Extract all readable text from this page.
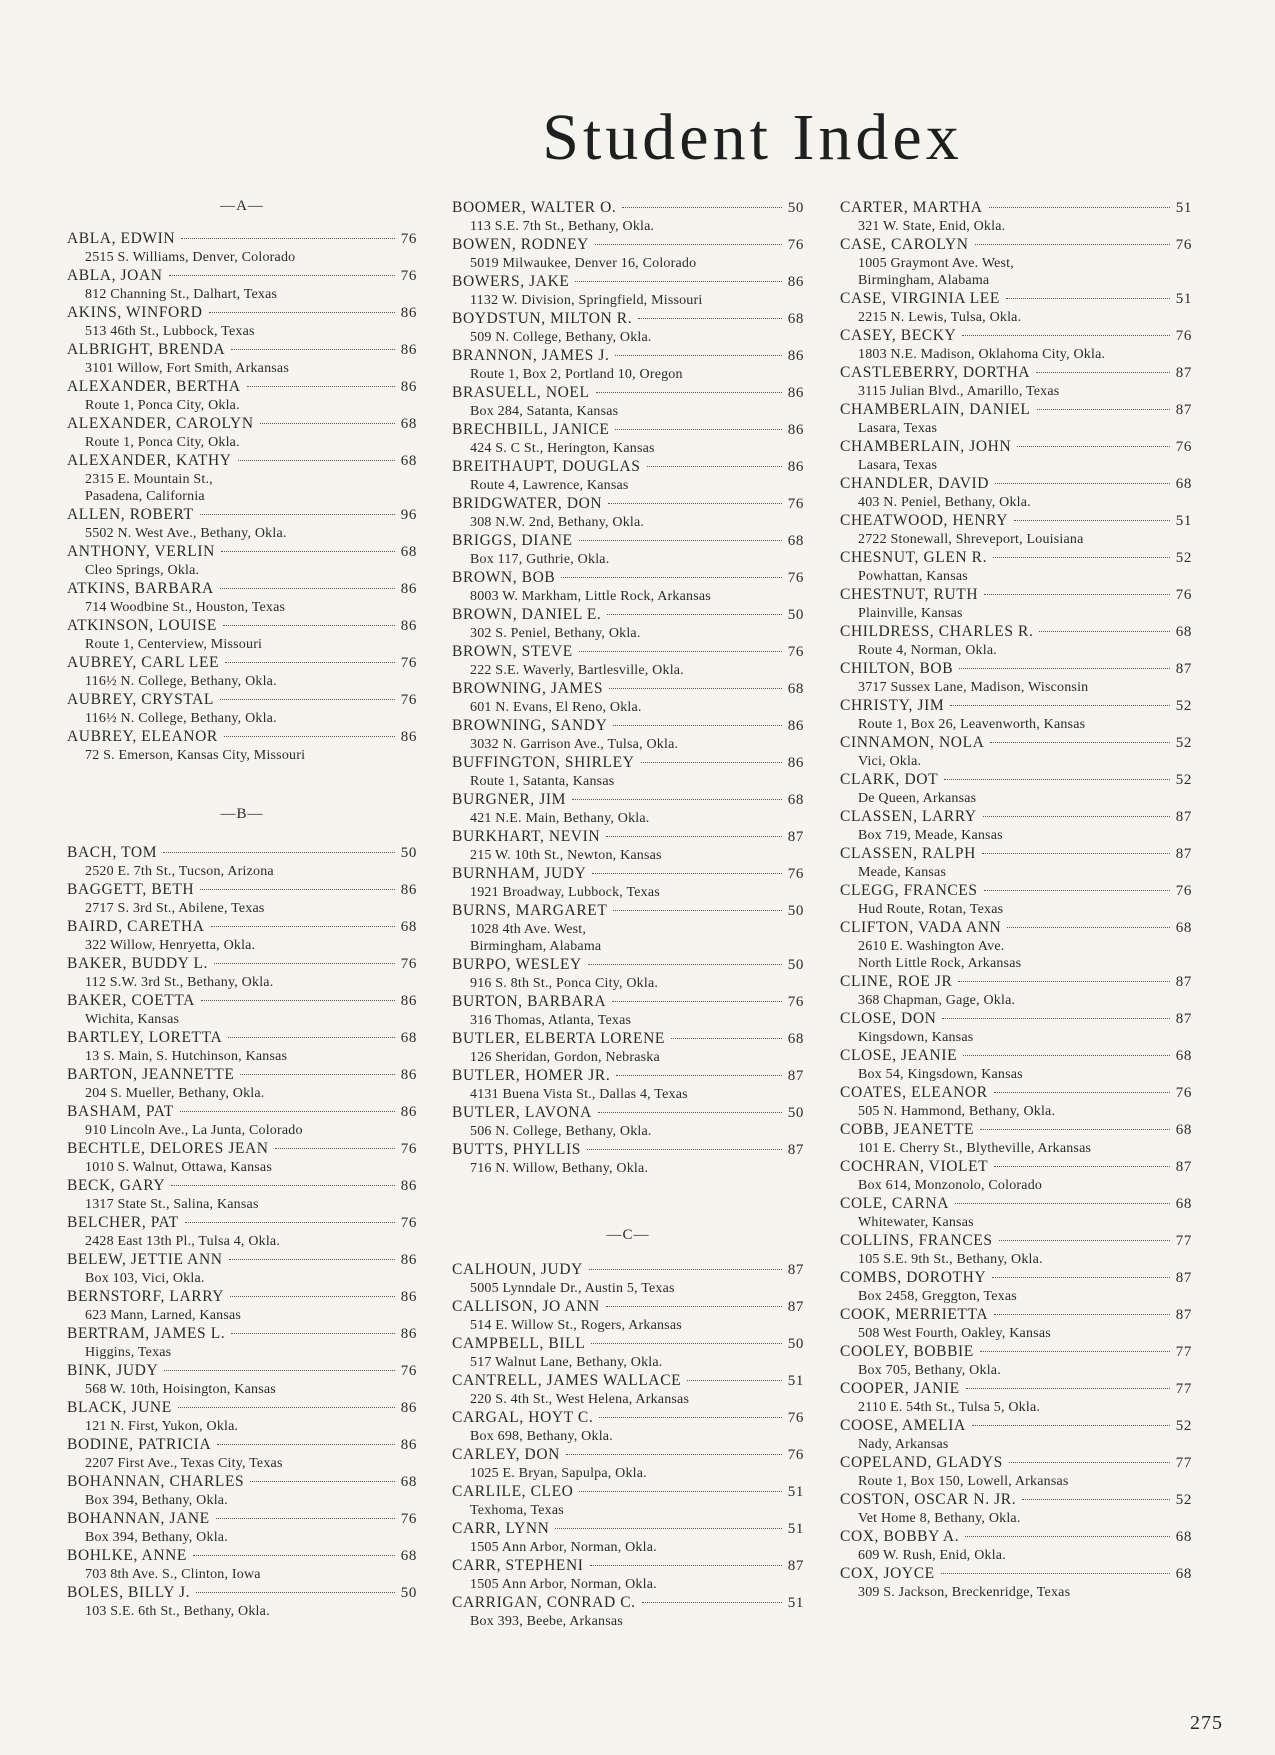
Student Index
—A—
ABLA, EDWIN	76
2515 S. Williams, Denver, Colorado
ABLA, JOAN	76
812 Channing St., Dalhart, Texas
AKINS, WINFORD	86
513 46th St., Lubbock, Texas
ALBRIGHT, BRENDA	86
3101 Willow, Fort Smith, Arkansas
ALEXANDER, BERTHA	86
Route 1, Ponca City, Okla.
ALEXANDER, CAROLYN	68
Route 1, Ponca City, Okla.
ALEXANDER, KATHY	68
2315 E. Mountain St.,
Pasadena, California
ALLEN, ROBERT	96
5502 N. West Ave., Bethany, Okla.
ANTHONY, VERLIN	68
Cleo Springs, Okla.
ATKINS, BARBARA	86
714 Woodbine St., Houston, Texas
ATKINSON, LOUISE	86
Route 1, Centerview, Missouri
AUBREY, CARL LEE	76
116½ N. College, Bethany, Okla.
AUBREY, CRYSTAL	76
116½ N. College, Bethany, Okla.
AUBREY, ELEANOR	86
72 S. Emerson, Kansas City, Missouri
—B—
BACH, TOM	50
2520 E. 7th St., Tucson, Arizona
BAGGETT, BETH	86
2717 S. 3rd St., Abilene, Texas
BAIRD, CARETHA	68
322 Willow, Henryetta, Okla.
BAKER, BUDDY L.	76
112 S.W. 3rd St., Bethany, Okla.
BAKER, COETTA	86
Wichita, Kansas
BARTLEY, LORETTA	68
13 S. Main, S. Hutchinson, Kansas
BARTON, JEANNETTE	86
204 S. Mueller, Bethany, Okla.
BASHAM, PAT	86
910 Lincoln Ave., La Junta, Colorado
BECHTLE, DELORES JEAN	76
1010 S. Walnut, Ottawa, Kansas
BECK, GARY	86
1317 State St., Salina, Kansas
BELCHER, PAT	76
2428 East 13th Pl., Tulsa 4, Okla.
BELEW, JETTIE ANN	86
Box 103, Vici, Okla.
BERNSTORF, LARRY	86
623 Mann, Larned, Kansas
BERTRAM, JAMES L.	86
Higgins, Texas
BINK, JUDY	76
568 W. 10th, Hoisington, Kansas
BLACK, JUNE	86
121 N. First, Yukon, Okla.
BODINE, PATRICIA	86
2207 First Ave., Texas City, Texas
BOHANNAN, CHARLES	68
Box 394, Bethany, Okla.
BOHANNAN, JANE	76
Box 394, Bethany, Okla.
BOHLKE, ANNE	68
703 8th Ave. S., Clinton, Iowa
BOLES, BILLY J.	50
103 S.E. 6th St., Bethany, Okla.
BOOMER, WALTER O.	50
113 S.E. 7th St., Bethany, Okla.
BOWEN, RODNEY	76
5019 Milwaukee, Denver 16, Colorado
BOWERS, JAKE	86
1132 W. Division, Springfield, Missouri
BOYDSTUN, MILTON R.	68
509 N. College, Bethany, Okla.
BRANNON, JAMES J.	86
Route 1, Box 2, Portland 10, Oregon
BRASUELL, NOEL	86
Box 284, Satanta, Kansas
BRECHBILL, JANICE	86
424 S. C St., Herington, Kansas
BREITHAUPT, DOUGLAS	86
Route 4, Lawrence, Kansas
BRIDGWATER, DON	76
308 N.W. 2nd, Bethany, Okla.
BRIGGS, DIANE	68
Box 117, Guthrie, Okla.
BROWN, BOB	76
8003 W. Markham, Little Rock, Arkansas
BROWN, DANIEL E.	50
302 S. Peniel, Bethany, Okla.
BROWN, STEVE	76
222 S.E. Waverly, Bartlesville, Okla.
BROWNING, JAMES	68
601 N. Evans, El Reno, Okla.
BROWNING, SANDY	86
3032 N. Garrison Ave., Tulsa, Okla.
BUFFINGTON, SHIRLEY	86
Route 1, Satanta, Kansas
BURGNER, JIM	68
421 N.E. Main, Bethany, Okla.
BURKHART, NEVIN	87
215 W. 10th St., Newton, Kansas
BURNHAM, JUDY	76
1921 Broadway, Lubbock, Texas
BURNS, MARGARET	50
1028 4th Ave. West,
Birmingham, Alabama
BURPO, WESLEY	50
916 S. 8th St., Ponca City, Okla.
BURTON, BARBARA	76
316 Thomas, Atlanta, Texas
BUTLER, ELBERTA LORENE	68
126 Sheridan, Gordon, Nebraska
BUTLER, HOMER JR.	87
4131 Buena Vista St., Dallas 4, Texas
BUTLER, LAVONA	50
506 N. College, Bethany, Okla.
BUTTS, PHYLLIS	87
716 N. Willow, Bethany, Okla.
—C—
CALHOUN, JUDY	87
5005 Lynndale Dr., Austin 5, Texas
CALLISON, JO ANN	87
514 E. Willow St., Rogers, Arkansas
CAMPBELL, BILL	50
517 Walnut Lane, Bethany, Okla.
CANTRELL, JAMES WALLACE	51
220 S. 4th St., West Helena, Arkansas
CARGAL, HOYT C.	76
Box 698, Bethany, Okla.
CARLEY, DON	76
1025 E. Bryan, Sapulpa, Okla.
CARLILE, CLEO	51
Texhoma, Texas
CARR, LYNN	51
1505 Ann Arbor, Norman, Okla.
CARR, STEPHENI	87
1505 Ann Arbor, Norman, Okla.
CARRIGAN, CONRAD C.	51
Box 393, Beebe, Arkansas
CARTER, MARTHA	51
321 W. State, Enid, Okla.
CASE, CAROLYN	76
1005 Graymont Ave. West,
Birmingham, Alabama
CASE, VIRGINIA LEE	51
2215 N. Lewis, Tulsa, Okla.
CASEY, BECKY	76
1803 N.E. Madison, Oklahoma City, Okla.
CASTLEBERRY, DORTHA	87
3115 Julian Blvd., Amarillo, Texas
CHAMBERLAIN, DANIEL	87
Lasara, Texas
CHAMBERLAIN, JOHN	76
Lasara, Texas
CHANDLER, DAVID	68
403 N. Peniel, Bethany, Okla.
CHEATWOOD, HENRY	51
2722 Stonewall, Shreveport, Louisiana
CHESNUT, GLEN R.	52
Powhattan, Kansas
CHESTNUT, RUTH	76
Plainville, Kansas
CHILDRESS, CHARLES R.	68
Route 4, Norman, Okla.
CHILTON, BOB	87
3717 Sussex Lane, Madison, Wisconsin
CHRISTY, JIM	52
Route 1, Box 26, Leavenworth, Kansas
CINNAMON, NOLA	52
Vici, Okla.
CLARK, DOT	52
De Queen, Arkansas
CLASSEN, LARRY	87
Box 719, Meade, Kansas
CLASSEN, RALPH	87
Meade, Kansas
CLEGG, FRANCES	76
Hud Route, Rotan, Texas
CLIFTON, VADA ANN	68
2610 E. Washington Ave.
North Little Rock, Arkansas
CLINE, ROE JR	87
368 Chapman, Gage, Okla.
CLOSE, DON	87
Kingsdown, Kansas
CLOSE, JEANIE	68
Box 54, Kingsdown, Kansas
COATES, ELEANOR	76
505 N. Hammond, Bethany, Okla.
COBB, JEANETTE	68
101 E. Cherry St., Blytheville, Arkansas
COCHRAN, VIOLET	87
Box 614, Monzonolo, Colorado
COLE, CARNA	68
Whitewater, Kansas
COLLINS, FRANCES	77
105 S.E. 9th St., Bethany, Okla.
COMBS, DOROTHY	87
Box 2458, Greggton, Texas
COOK, MERRIETTA	87
508 West Fourth, Oakley, Kansas
COOLEY, BOBBIE	77
Box 705, Bethany, Okla.
COOPER, JANIE	77
2110 E. 54th St., Tulsa 5, Okla.
COOSE, AMELIA	52
Nady, Arkansas
COPELAND, GLADYS	77
Route 1, Box 150, Lowell, Arkansas
COSTON, OSCAR N. JR.	52
Vet Home 8, Bethany, Okla.
COX, BOBBY A.	68
609 W. Rush, Enid, Okla.
COX, JOYCE	68
309 S. Jackson, Breckenridge, Texas
275
